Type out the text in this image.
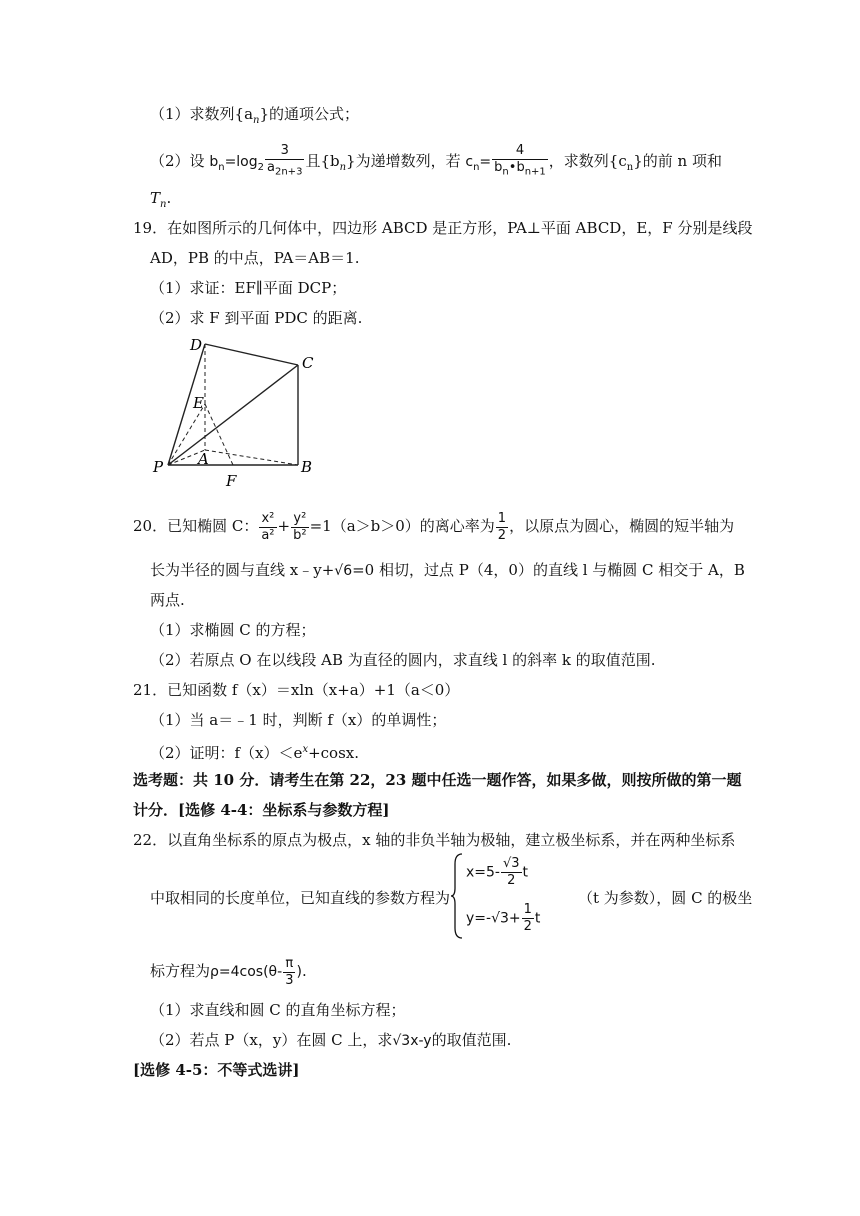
（1）求数列$\{a_n\}$的通项公式；
（2）设 $b_n=\log_2 \frac{3}{a_{2n+3}}$ 且$\{b_n\}$为递增数列，若 $c_n= \frac{4}{b_n•b_{n+1}}$ ，求数列$\{c_n\}$的前 n 项和
$T_n$.
19．在如图所示的几何体中，四边形 ABCD 是正方形，PA⊥平面 ABCD，E，F 分别是线段
AD，PB 的中点，PA＝AB＝1.
（1）求证：EF∥平面 DCP；
（2）求 F 到平面 PDC 的距离.
D
C
E
A
P	B
F
20．已知椭圆 C： $\frac{\text{x²}}{\text{a²}} + \frac{\text{y²}}{\text{b²}} =1(a>b>0)$的离心率为 $\frac{1}{2}$ ，以原点为圆心，椭圆的短半轴为
长为半径的圆与直线 x﹣y+√6=0 相切，过点 P（4，0）的直线 l 与椭圆 C 相交于 A，B
两点.
（1）求椭圆 C 的方程；
（2）若原点 O 在以线段 AB 为直径的圆内，求直线 l 的斜率 k 的取值范围.
21．已知函数 f（x）＝xln（x+a）+1（a＜0）
（1）当 a＝﹣1 时，判断 f（x）的单调性；
（2）证明：$f(x)<e^x+\cos x$.
选考题：共 10 分．请考生在第 22，23 题中任选一题作答，如果多做，则按所做的第一题
计分．[选修 4-4：坐标系与参数方程]
22．以直角坐标系的原点为极点，x 轴的非负半轴为极轴，建立极坐标系，并在两种坐标系
中取相同的长度单位，已知直线的参数方程为
$x=5- \frac{√3}{2}$ t
$y=-√3+ \frac{1}{2}$ t
（t 为参数），圆 C 的极坐
标方程为$\rho=4\cos(\theta- \frac{\pi}{3}$ ).
（1）求直线和圆 C 的直角坐标方程；
（2）若点 P（x，y）在圆 C 上，求√3x-y的取值范围.
[选修 4-5：不等式选讲]
